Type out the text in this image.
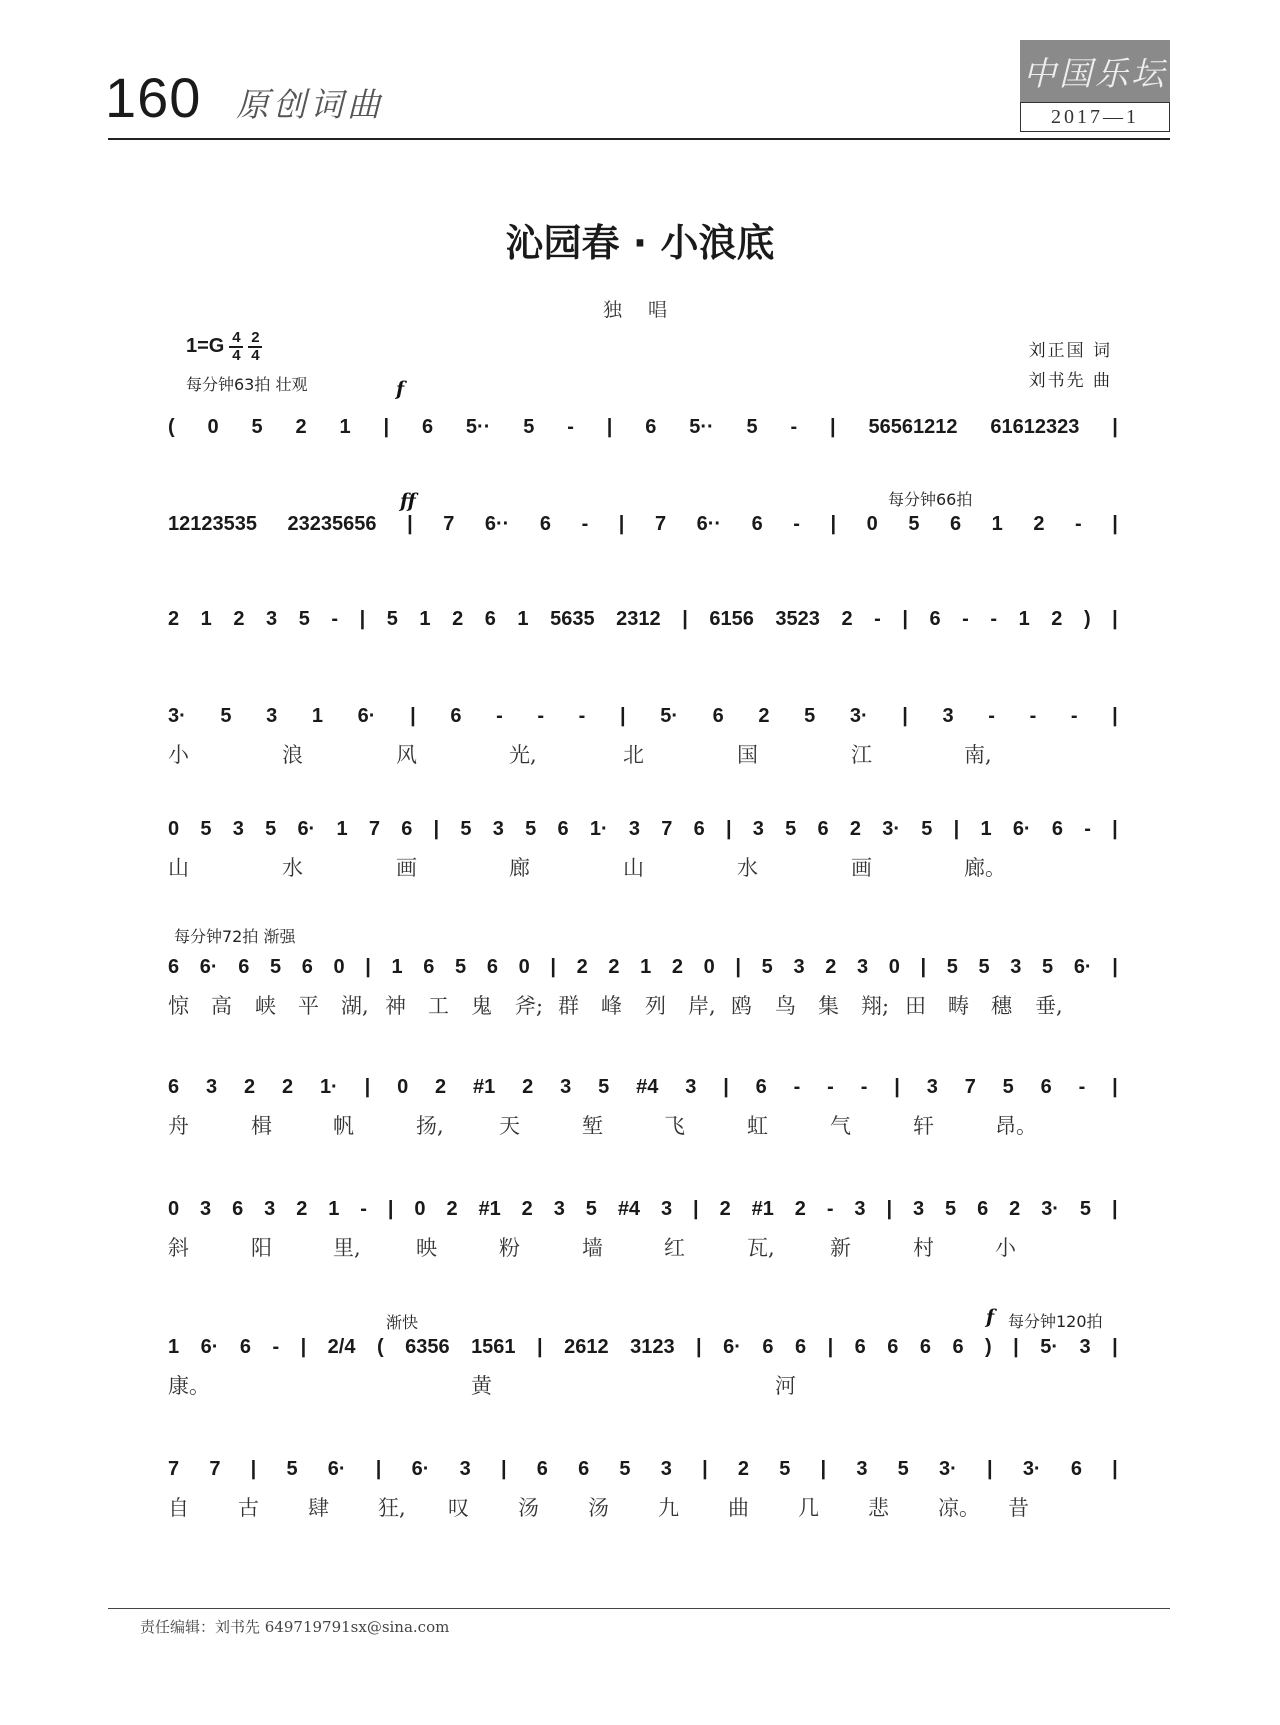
160 原创词曲
中国乐坛
2017—1
沁园春 · 小浪底
独 唱
$1=G \frac{4}{4} \frac{2}{4}$	刘正国 词
刘书先 曲
每分钟63拍 壮观	f
ff	每分钟66拍
每分钟72拍 渐强
渐快	f 每分钟120拍
( 0 5 2 1 | 6 5·· 5 - | 6 5·· 5 - | 56561212 61612323 |
12123535 23235656 | 7 6·· 6 - | 7 6·· 6 - | 0 5 6 1 2 - |
2 1 2 3 5 - | 5 1 2 6 1 5635 2312 | 6156 3523 2 - | 6 - - 1 2 ) |
3· 5 3 1 6· | 6 - - - | 5· 6 2 5 3· | 3 - - - |
小	浪	风	光,	北	国	江	南,
0 5 3 5 6· 1 7 6 | 5 3 5 6 1· 3 7 6 | 3 5 6 2 3· 5 | 1 6· 6 - |
山	水	画	廊	山	水	画	廊。
6 6· 6 5 6 0 | 1 6 5 6 0 | 2 2 1 2 0 | 5 3 2 3 0 | 5 5 3 5 6· |
惊 高 峡 平 湖, 神 工 鬼 斧; 群 峰 列 岸, 鸥 鸟 集 翔; 田 畴 穗 垂,
6 3 2 2 1· | 0 2 #1 2 3 5 #4 3 | 6 - - - | 3 7 5 6 - |
舟	楫	帆	扬,	天	堑	飞	虹	气	轩	昂。
0 3 6 3 2 1 - | 0 2 #1 2 3 5 #4 3 | 2 #1 2 - 3 | 3 5 6 2 3· 5 |
斜	阳	里,	映	粉	墙	红	瓦,	新	村	小
1 6· 6 - | 2/4 ( 6356 1561 | 2612 3123 | 6· 6 6 | 6 6 6 6 ) | 5· 3 |
康。	黄	河
7 7 | 5 6· | 6· 3 | 6 6 5 3 | 2 5 | 3 5 3· | 3· 6 |
自 古 肆 狂, 叹 汤 汤 九 曲 几 悲 凉。 昔
责任编辑：刘书先 649719791sx@sina.com
